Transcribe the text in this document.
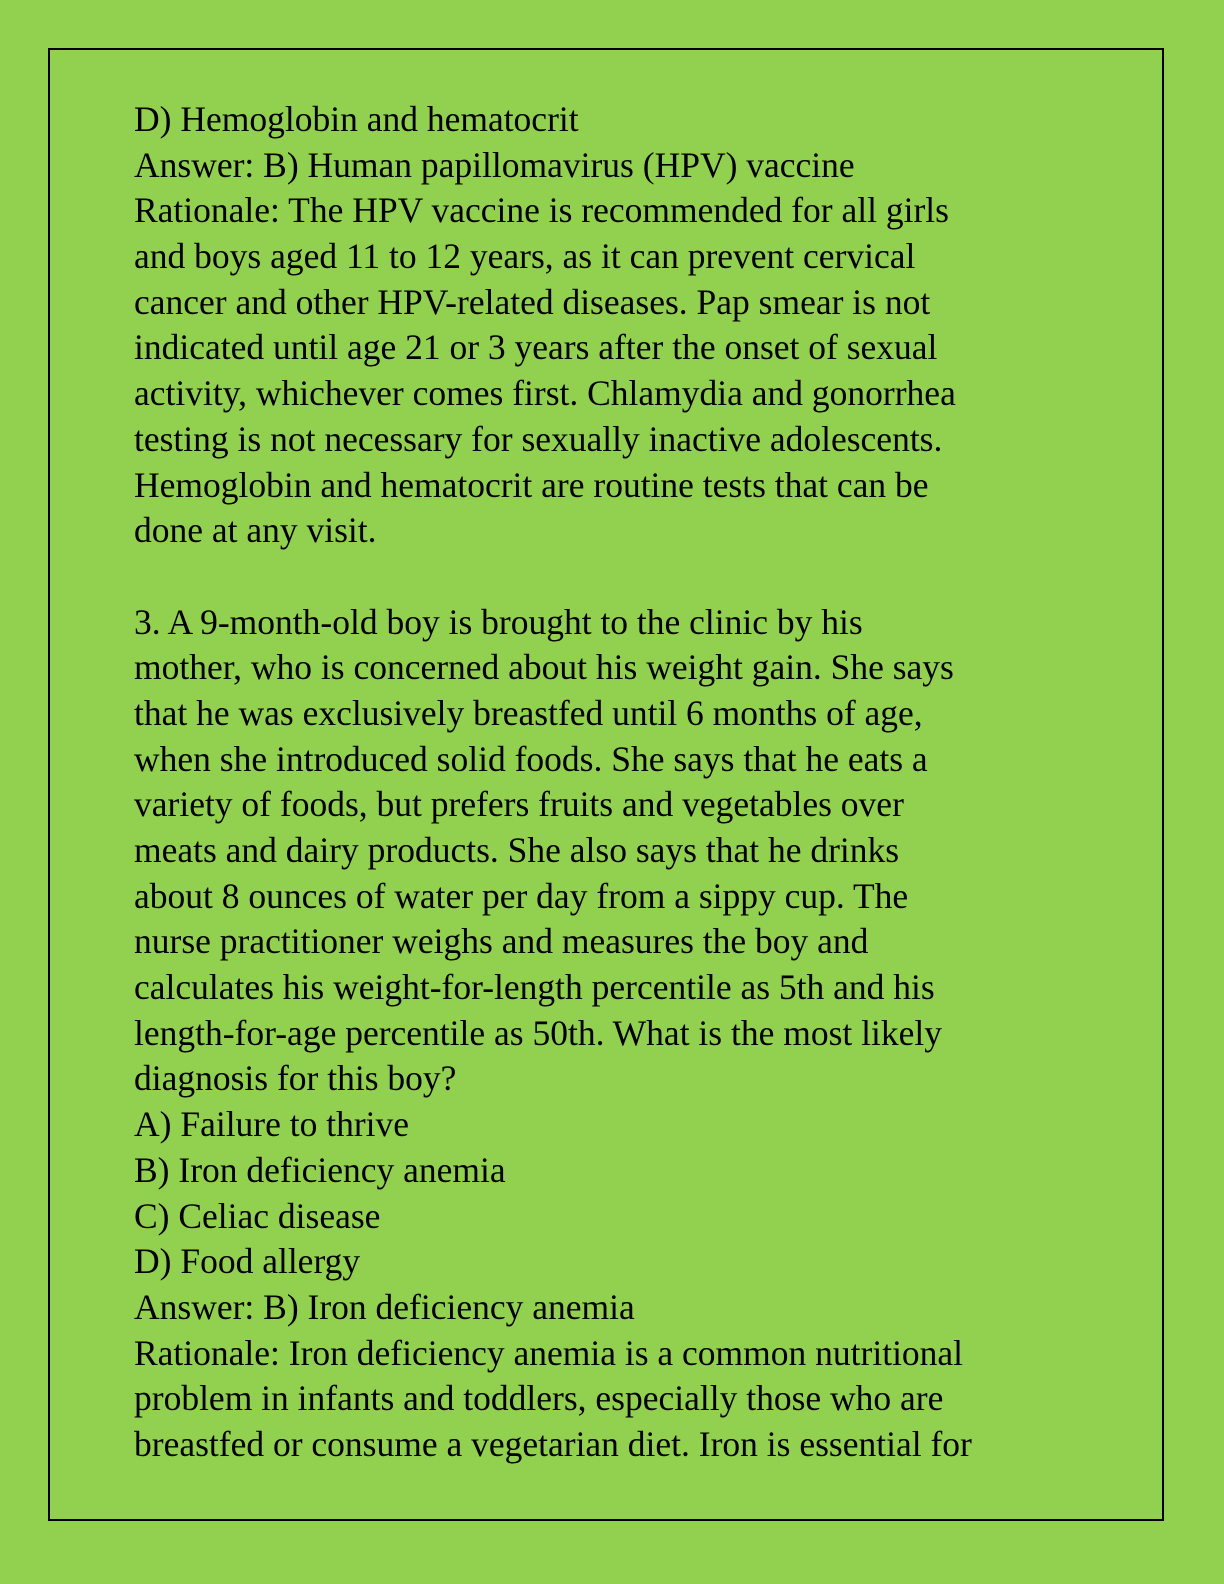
D) Hemoglobin and hematocrit
Answer: B) Human papillomavirus (HPV) vaccine
Rationale: The HPV vaccine is recommended for all girls
and boys aged 11 to 12 years, as it can prevent cervical
cancer and other HPV-related diseases. Pap smear is not
indicated until age 21 or 3 years after the onset of sexual
activity, whichever comes first. Chlamydia and gonorrhea
testing is not necessary for sexually inactive adolescents.
Hemoglobin and hematocrit are routine tests that can be
done at any visit.
3. A 9-month-old boy is brought to the clinic by his
mother, who is concerned about his weight gain. She says
that he was exclusively breastfed until 6 months of age,
when she introduced solid foods. She says that he eats a
variety of foods, but prefers fruits and vegetables over
meats and dairy products. She also says that he drinks
about 8 ounces of water per day from a sippy cup. The
nurse practitioner weighs and measures the boy and
calculates his weight-for-length percentile as 5th and his
length-for-age percentile as 50th. What is the most likely
diagnosis for this boy?
A) Failure to thrive
B) Iron deficiency anemia
C) Celiac disease
D) Food allergy
Answer: B) Iron deficiency anemia
Rationale: Iron deficiency anemia is a common nutritional
problem in infants and toddlers, especially those who are
breastfed or consume a vegetarian diet. Iron is essential for
